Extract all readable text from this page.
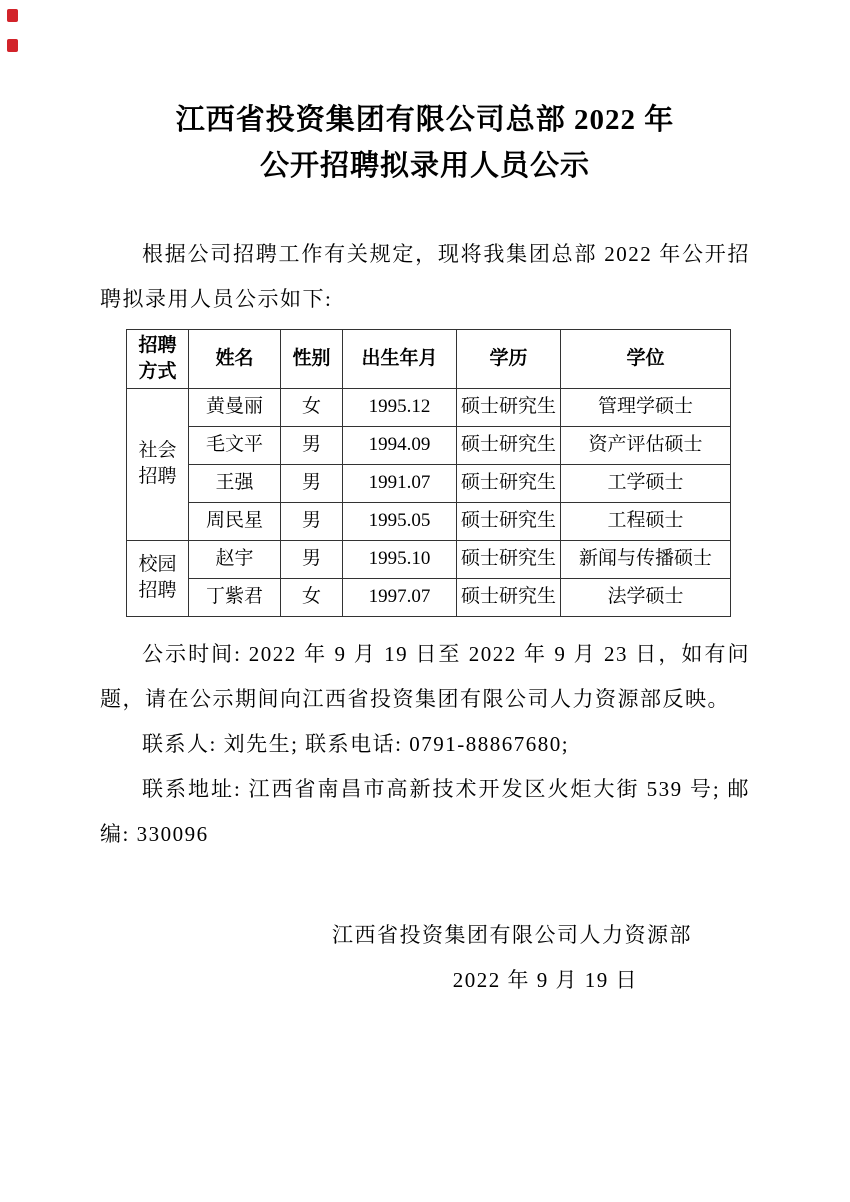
江西省投资集团有限公司总部 2022 年
公开招聘拟录用人员公示

根据公司招聘工作有关规定，现将我集团总部 2022 年公开招聘拟录用人员公示如下:

招聘方式	姓名	性别	出生年月	学历	学位
社会招聘	黄曼丽	女	1995.12	硕士研究生	管理学硕士
	毛文平	男	1994.09	硕士研究生	资产评估硕士
	王强	男	1991.07	硕士研究生	工学硕士
	周民星	男	1995.05	硕士研究生	工程硕士
校园招聘	赵宇	男	1995.10	硕士研究生	新闻与传播硕士
	丁紫君	女	1997.07	硕士研究生	法学硕士

公示时间: 2022 年 9 月 19 日至 2022 年 9 月 23 日，如有问题，请在公示期间向江西省投资集团有限公司人力资源部反映。

联系人: 刘先生; 联系电话: 0791-88867680;

联系地址: 江西省南昌市高新技术开发区火炬大街 539 号; 邮编: 330096

江西省投资集团有限公司人力资源部

2022 年 9 月 19 日
